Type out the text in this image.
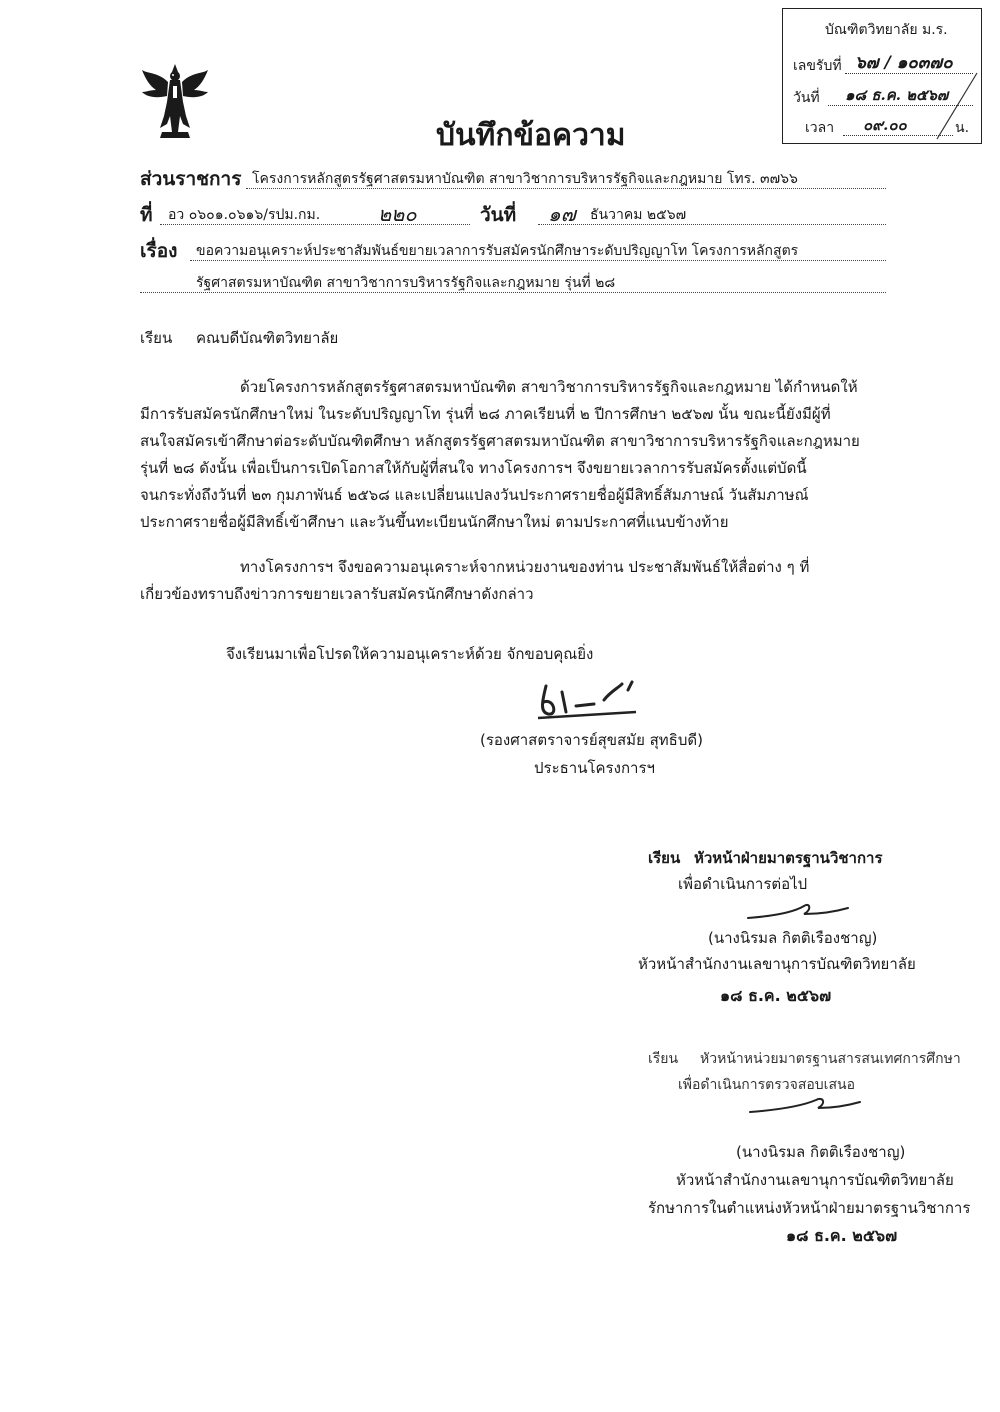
บัณฑิตวิทยาลัย ม.ร.
เลขรับที่ ๖๗ / ๑๐๓๗๐
วันที่ ๑๘ ธ.ค. ๒๕๖๗
เวลา ๐๙.๐๐	น.
บันทึกข้อความ
ส่วนราชการ โครงการหลักสูตรรัฐศาสตรมหาบัณฑิต สาขาวิชาการบริหารรัฐกิจและกฎหมาย โทร. ๓๗๖๖
ที่ อว ๐๖๐๑.๐๖๑๖/รปม.กม.	๒๒๐	วันที่ ๑๗ ธันวาคม ๒๕๖๗
เรื่อง ขอความอนุเคราะห์ประชาสัมพันธ์ขยายเวลาการรับสมัครนักศึกษาระดับปริญญาโท โครงการหลักสูตร
รัฐศาสตรมหาบัณฑิต สาขาวิชาการบริหารรัฐกิจและกฎหมาย รุ่นที่ ๒๘
เรียน คณบดีบัณฑิตวิทยาลัย
ด้วยโครงการหลักสูตรรัฐศาสตรมหาบัณฑิต สาขาวิชาการบริหารรัฐกิจและกฎหมาย ได้กำหนดให้
มีการรับสมัครนักศึกษาใหม่ ในระดับปริญญาโท รุ่นที่ ๒๘ ภาคเรียนที่ ๒ ปีการศึกษา ๒๕๖๗ นั้น ขณะนี้ยังมีผู้ที่
สนใจสมัครเข้าศึกษาต่อระดับบัณฑิตศึกษา หลักสูตรรัฐศาสตรมหาบัณฑิต สาขาวิชาการบริหารรัฐกิจและกฎหมาย
รุ่นที่ ๒๘ ดังนั้น เพื่อเป็นการเปิดโอกาสให้กับผู้ที่สนใจ ทางโครงการฯ จึงขยายเวลาการรับสมัครตั้งแต่บัดนี้
จนกระทั่งถึงวันที่ ๒๓ กุมภาพันธ์ ๒๕๖๘ และเปลี่ยนแปลงวันประกาศรายชื่อผู้มีสิทธิ์สัมภาษณ์ วันสัมภาษณ์
ประกาศรายชื่อผู้มีสิทธิ์เข้าศึกษา และวันขึ้นทะเบียนนักศึกษาใหม่ ตามประกาศที่แนบข้างท้าย
ทางโครงการฯ จึงขอความอนุเคราะห์จากหน่วยงานของท่าน ประชาสัมพันธ์ให้สื่อต่าง ๆ ที่
เกี่ยวข้องทราบถึงข่าวการขยายเวลารับสมัครนักศึกษาดังกล่าว
จึงเรียนมาเพื่อโปรดให้ความอนุเคราะห์ด้วย จักขอบคุณยิ่ง
(รองศาสตราจารย์สุขสมัย สุทธิบดี)
ประธานโครงการฯ
เรียน หัวหน้าฝ่ายมาตรฐานวิชาการ
เพื่อดำเนินการต่อไป
(นางนิรมล กิตติเรืองชาญ)
หัวหน้าสำนักงานเลขานุการบัณฑิตวิทยาลัย
๑๘ ธ.ค. ๒๕๖๗
เรียน หัวหน้าหน่วยมาตรฐานสารสนเทศการศึกษา
เพื่อดำเนินการตรวจสอบเสนอ
(นางนิรมล กิตติเรืองชาญ)
หัวหน้าสำนักงานเลขานุการบัณฑิตวิทยาลัย
รักษาการในตำแหน่งหัวหน้าฝ่ายมาตรฐานวิชาการ
๑๘ ธ.ค. ๒๕๖๗
